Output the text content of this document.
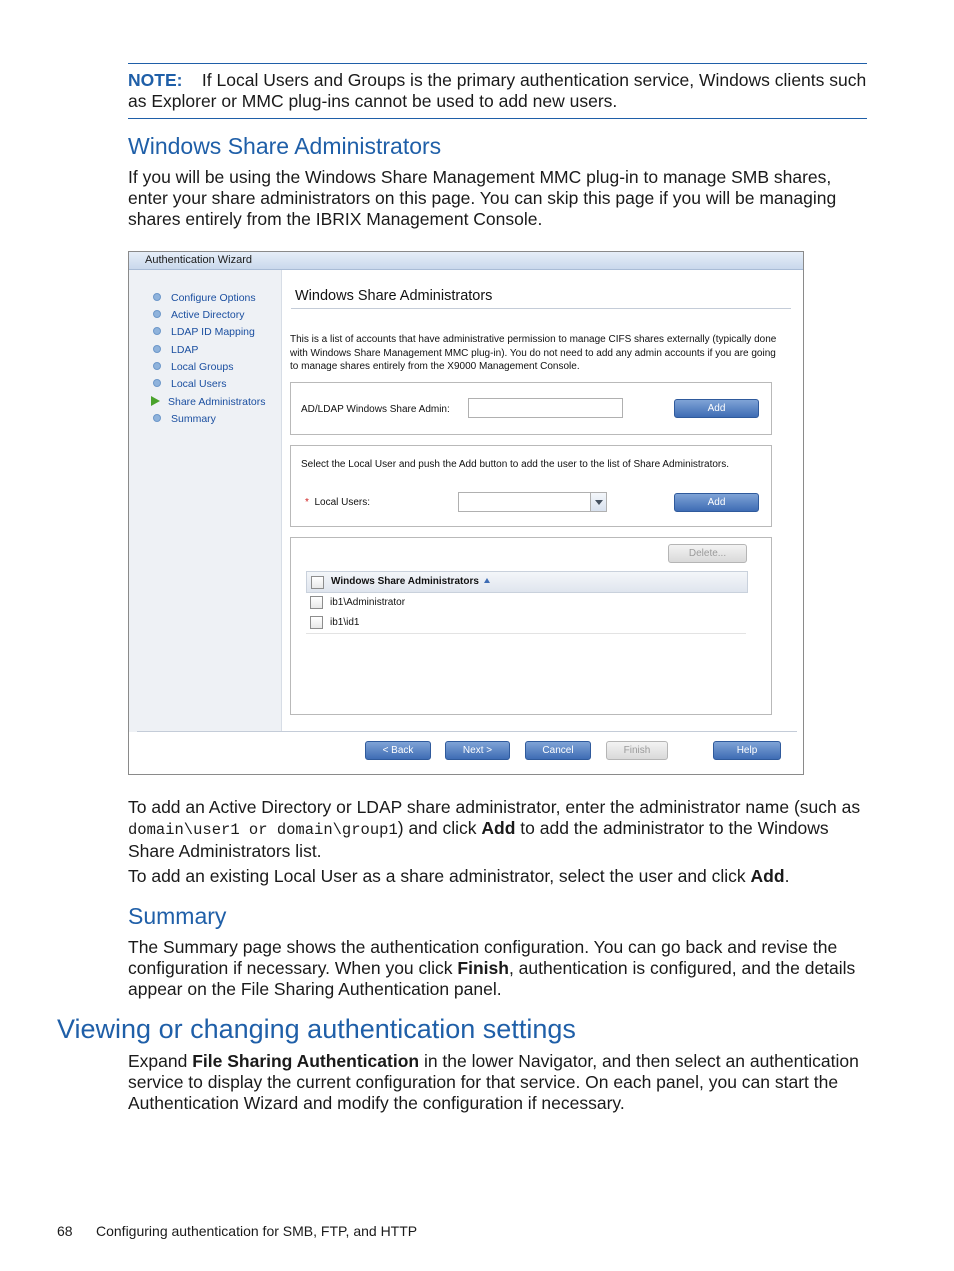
NOTE: If Local Users and Groups is the primary authentication service, Windows clients such as Explorer or MMC plug-ins cannot be used to add new users.
Windows Share Administrators
If you will be using the Windows Share Management MMC plug-in to manage SMB shares, enter your share administrators on this page. You can skip this page if you will be managing shares entirely from the IBRIX Management Console.
Authentication Wizard
Configure Options
Active Directory
LDAP ID Mapping
LDAP
Local Groups
Local Users
Share Administrators
Summary
Windows Share Administrators
This is a list of accounts that have administrative permission to manage CIFS shares externally (typically done with Windows Share Management MMC plug-in). You do not need to add any admin accounts if you are going to manage shares entirely from the X9000 Management Console.
AD/LDAP Windows Share Admin:	Add
Select the Local User and push the Add button to add the user to the list of Share Administrators.
* Local Users:	Add
Delete...
Windows Share Administrators
ib1\Administrator
ib1\id1
< Back	Next >	Cancel	Finish	Help
To add an Active Directory or LDAP share administrator, enter the administrator name (such as domain\user1 or domain\group1) and click Add to add the administrator to the Windows Share Administrators list.
To add an existing Local User as a share administrator, select the user and click Add.
Summary
The Summary page shows the authentication configuration. You can go back and revise the configuration if necessary. When you click Finish, authentication is configured, and the details appear on the File Sharing Authentication panel.
Viewing or changing authentication settings
Expand File Sharing Authentication in the lower Navigator, and then select an authentication service to display the current configuration for that service. On each panel, you can start the Authentication Wizard and modify the configuration if necessary.
68 Configuring authentication for SMB, FTP, and HTTP
